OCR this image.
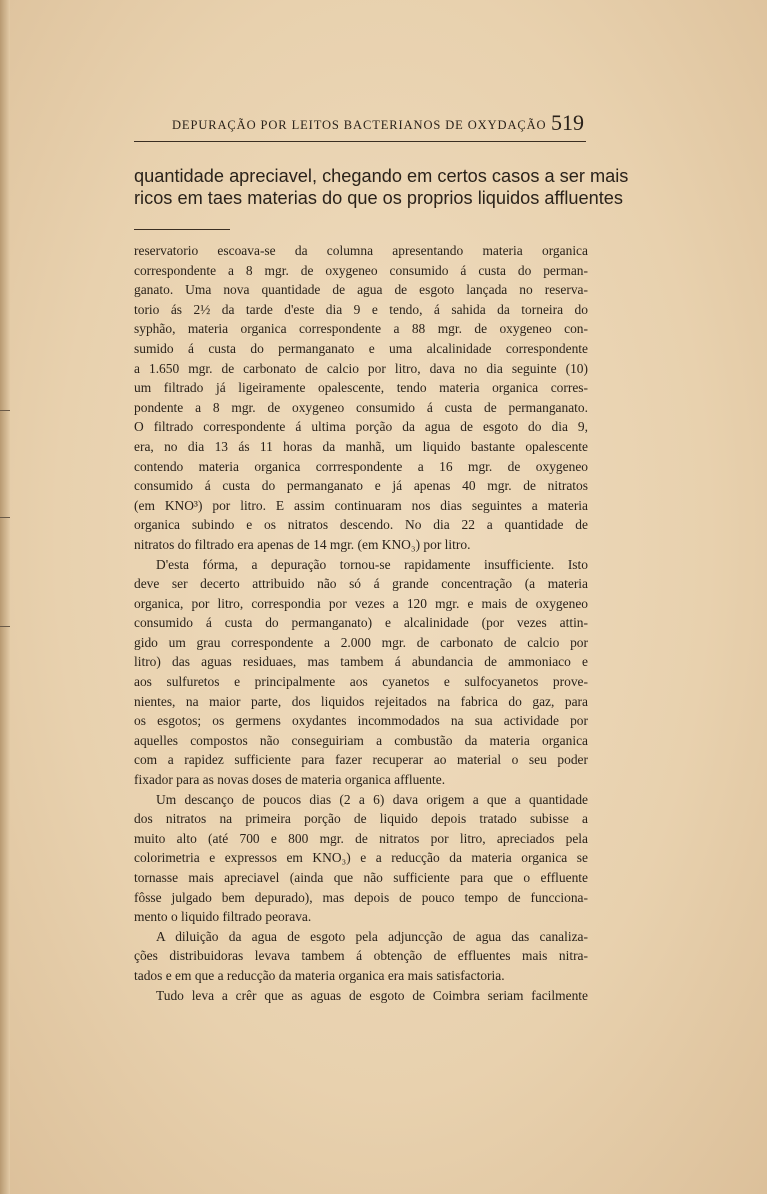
DEPURAÇÃO POR LEITOS BACTERIANOS DE OXYDAÇÃO 519
quantidade apreciavel, chegando em certos casos a ser mais
ricos em taes materias do que os proprios liquidos affluentes
reservatorio escoava-se da columna apresentando materia organica
correspondente a 8 mgr. de oxygeneo consumido á custa do perman-
ganato. Uma nova quantidade de agua de esgoto lançada no reserva-
torio ás 2½ da tarde d'este dia 9 e tendo, á sahida da torneira do
syphão, materia organica correspondente a 88 mgr. de oxygeneo con-
sumido á custa do permanganato e uma alcalinidade correspondente
a 1.650 mgr. de carbonato de calcio por litro, dava no dia seguinte (10)
um filtrado já ligeiramente opalescente, tendo materia organica corres-
pondente a 8 mgr. de oxygeneo consumido á custa de permanganato.
O filtrado correspondente á ultima porção da agua de esgoto do dia 9,
era, no dia 13 ás 11 horas da manhã, um liquido bastante opalescente
contendo materia organica corrrespondente a 16 mgr. de oxygeneo
consumido á custa do permanganato e já apenas 40 mgr. de nitratos
(em KNO³) por litro. E assim continuaram nos dias seguintes a materia
organica subindo e os nitratos descendo. No dia 22 a quantidade de
nitratos do filtrado era apenas de 14 mgr. (em KNO₃) por litro.
D'esta fórma, a depuração tornou-se rapidamente insufficiente. Isto
deve ser decerto attribuido não só á grande concentração (a materia
organica, por litro, correspondia por vezes a 120 mgr. e mais de oxygeneo
consumido á custa do permanganato) e alcalinidade (por vezes attin-
gido um grau correspondente a 2.000 mgr. de carbonato de calcio por
litro) das aguas residuaes, mas tambem á abundancia de ammoniaco e
aos sulfuretos e principalmente aos cyanetos e sulfocyanetos prove-
nientes, na maior parte, dos liquidos rejeitados na fabrica do gaz, para
os esgotos; os germens oxydantes incommodados na sua actividade por
aquelles compostos não conseguiriam a combustão da materia organica
com a rapidez sufficiente para fazer recuperar ao material o seu poder
fixador para as novas doses de materia organica affluente.
Um descanço de poucos dias (2 a 6) dava origem a que a quantidade
dos nitratos na primeira porção de liquido depois tratado subisse a
muito alto (até 700 e 800 mgr. de nitratos por litro, apreciados pela
colorimetria e expressos em KNO₃) e a reducção da materia organica se
tornasse mais apreciavel (ainda que não sufficiente para que o effluente
fôsse julgado bem depurado), mas depois de pouco tempo de funcciona-
mento o liquido filtrado peorava.
A diluição da agua de esgoto pela adjuncção de agua das canaliza-
ções distribuidoras levava tambem á obtenção de effluentes mais nitra-
tados e em que a reducção da materia organica era mais satisfactoria.
Tudo leva a crêr que as aguas de esgoto de Coimbra seriam facilmente
